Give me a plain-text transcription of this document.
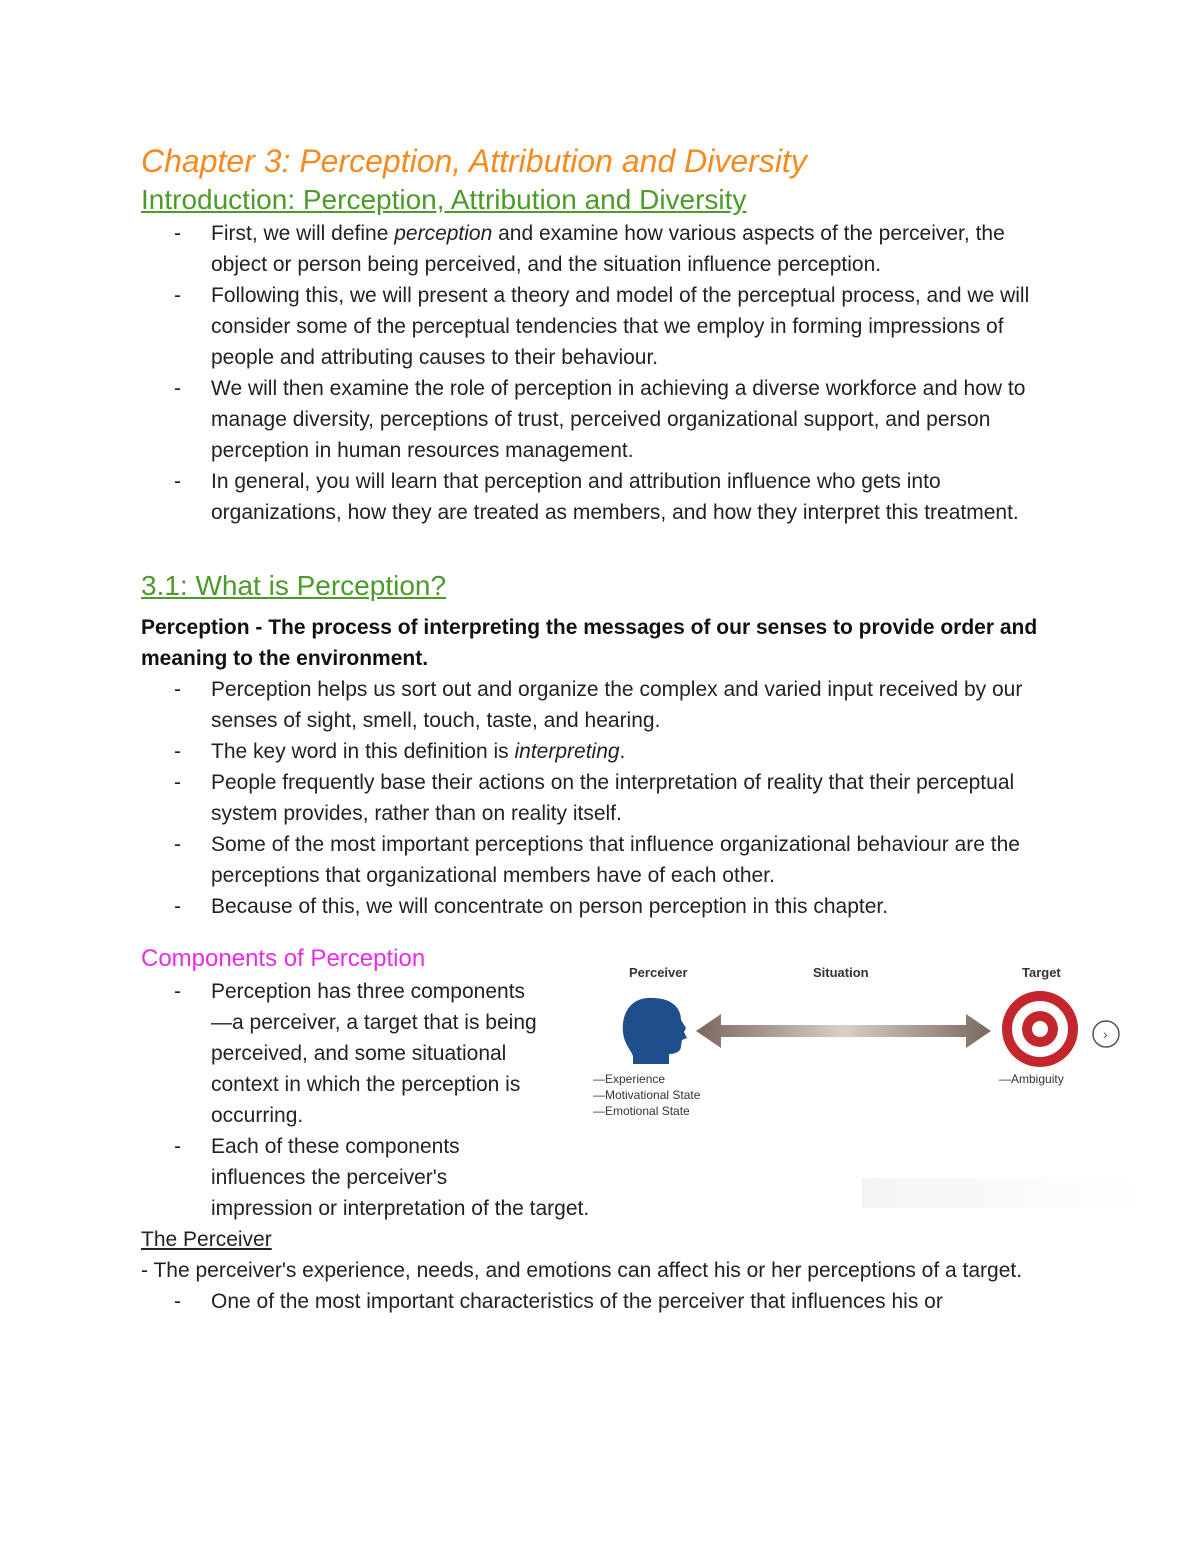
Chapter 3: Perception, Attribution and Diversity
Introduction: Perception, Attribution and Diversity
- First, we will define perception and examine how various aspects of the perceiver, the object or person being perceived, and the situation influence perception.
- Following this, we will present a theory and model of the perceptual process, and we will consider some of the perceptual tendencies that we employ in forming impressions of people and attributing causes to their behaviour.
- We will then examine the role of perception in achieving a diverse workforce and how to manage diversity, perceptions of trust, perceived organizational support, and person perception in human resources management.
- In general, you will learn that perception and attribution influence who gets into organizations, how they are treated as members, and how they interpret this treatment.
3.1: What is Perception?

Perception - The process of interpreting the messages of our senses to provide order and meaning to the environment.

- Perception helps us sort out and organize the complex and varied input received by our senses of sight, smell, touch, taste, and hearing.
- The key word in this definition is interpreting.
- People frequently base their actions on the interpretation of reality that their perceptual system provides, rather than on reality itself.
- Some of the most important perceptions that influence organizational behaviour are the perceptions that organizational members have of each other.
- Because of this, we will concentrate on person perception in this chapter.
Components of Perception
- Perception has three components
—a perceiver, a target that is being
perceived, and some situational
context in which the perception is
occurring.
- Each of these components
influences the perceiver's
impression or interpretation of the target.
Perceiver	Situation	Target
›
—Experience
—Motivational State
—Emotional State
—Ambiguity

The Perceiver

- The perceiver's experience, needs, and emotions can affect his or her perceptions of a target.

- One of the most important characteristics of the perceiver that influences his or
